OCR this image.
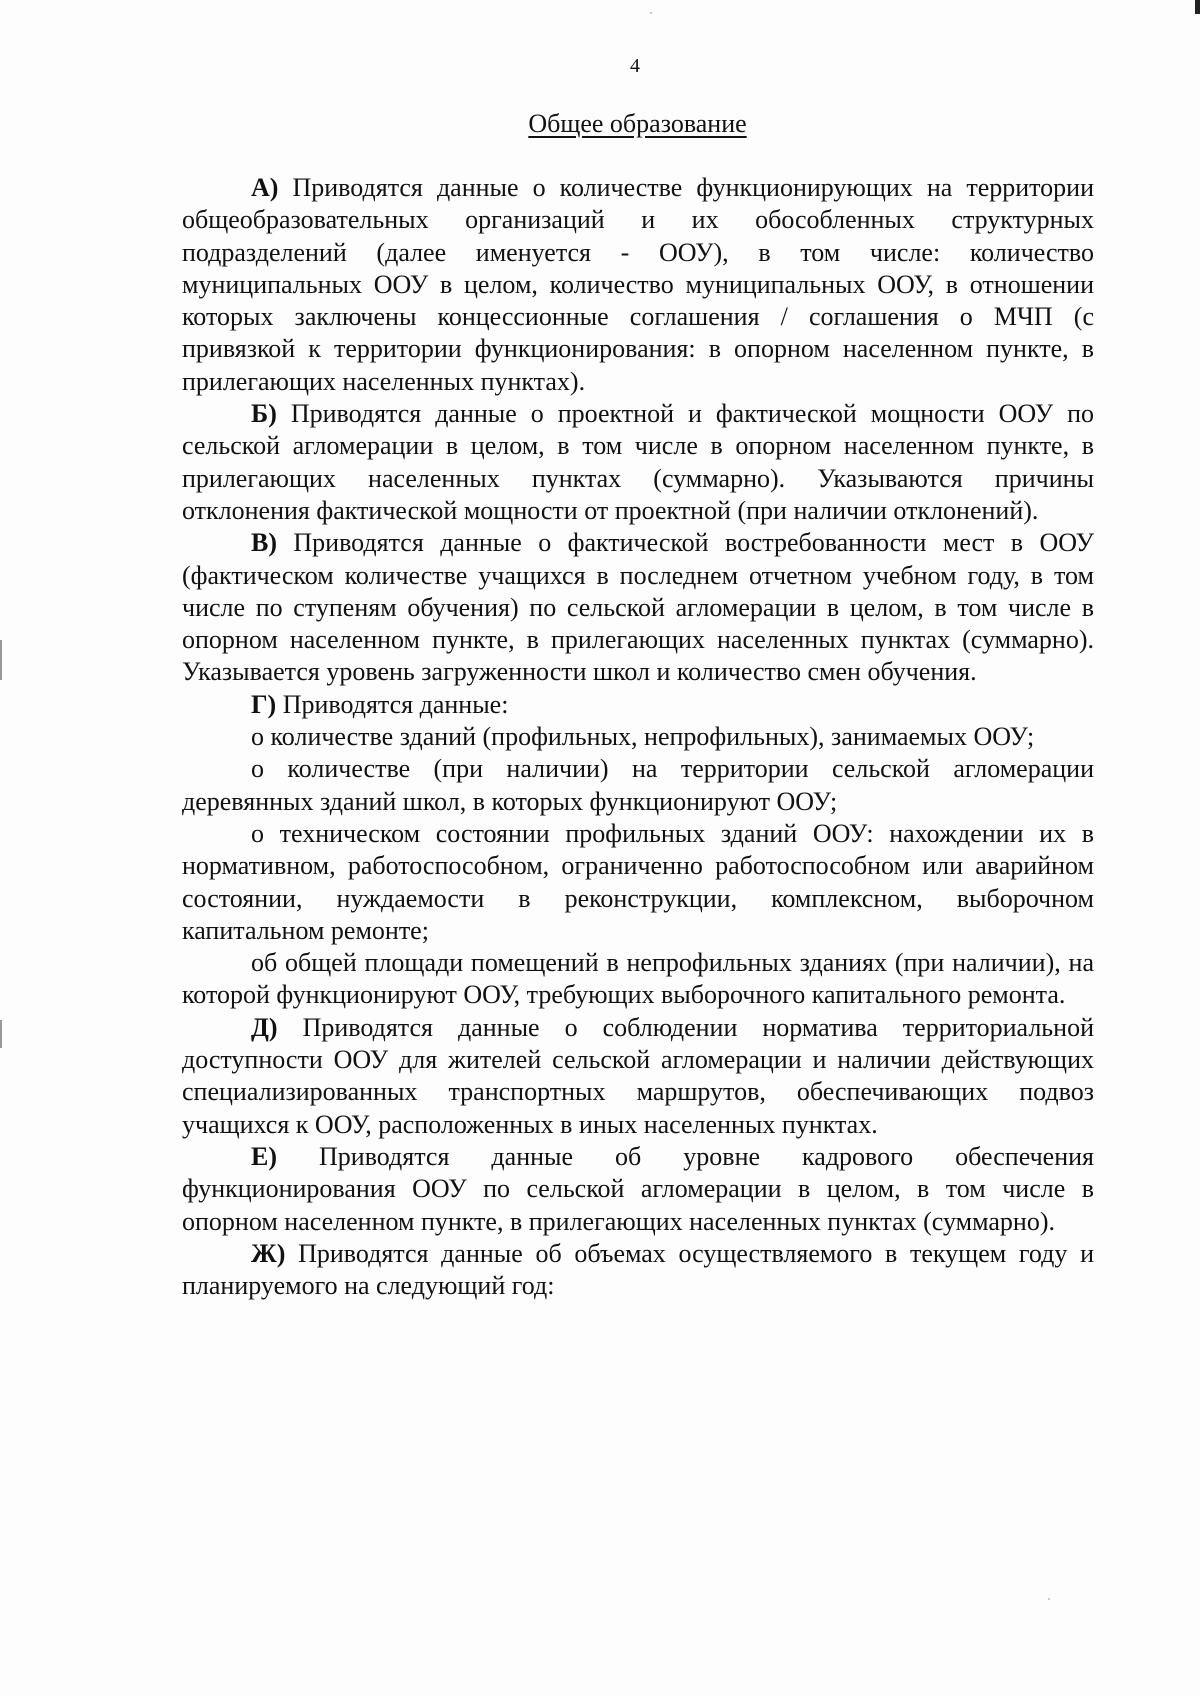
4
Общее образование

А) Приводятся данные о количестве функционирующих на территории общеобразовательных организаций и их обособленных структурных подразделений (далее именуется - ООУ), в том числе: количество муниципальных ООУ в целом, количество муниципальных ООУ, в отношении которых заключены концессионные соглашения / соглашения о МЧП (с привязкой к территории функционирования: в опорном населенном пункте, в прилегающих населенных пунктах).

Б) Приводятся данные о проектной и фактической мощности ООУ по сельской агломерации в целом, в том числе в опорном населенном пункте, в прилегающих населенных пунктах (суммарно). Указываются причины отклонения фактической мощности от проектной (при наличии отклонений).

В) Приводятся данные о фактической востребованности мест в ООУ (фактическом количестве учащихся в последнем отчетном учебном году, в том числе по ступеням обучения) по сельской агломерации в целом, в том числе в опорном населенном пункте, в прилегающих населенных пунктах (суммарно). Указывается уровень загруженности школ и количество смен обучения.

Г) Приводятся данные:

о количестве зданий (профильных, непрофильных), занимаемых ООУ;

о количестве (при наличии) на территории сельской агломерации деревянных зданий школ, в которых функционируют ООУ;

о техническом состоянии профильных зданий ООУ: нахождении их в нормативном, работоспособном, ограниченно работоспособном или аварийном состоянии, нуждаемости в реконструкции, комплексном, выборочном капитальном ремонте;

об общей площади помещений в непрофильных зданиях (при наличии), на которой функционируют ООУ, требующих выборочного капитального ремонта.

Д) Приводятся данные о соблюдении норматива территориальной доступности ООУ для жителей сельской агломерации и наличии действующих специализированных транспортных маршрутов, обеспечивающих подвоз учащихся к ООУ, расположенных в иных населенных пунктах.

Е) Приводятся данные об уровне кадрового обеспечения функционирования ООУ по сельской агломерации в целом, в том числе в опорном населенном пункте, в прилегающих населенных пунктах (суммарно).

Ж) Приводятся данные об объемах осуществляемого в текущем году и планируемого на следующий год:
